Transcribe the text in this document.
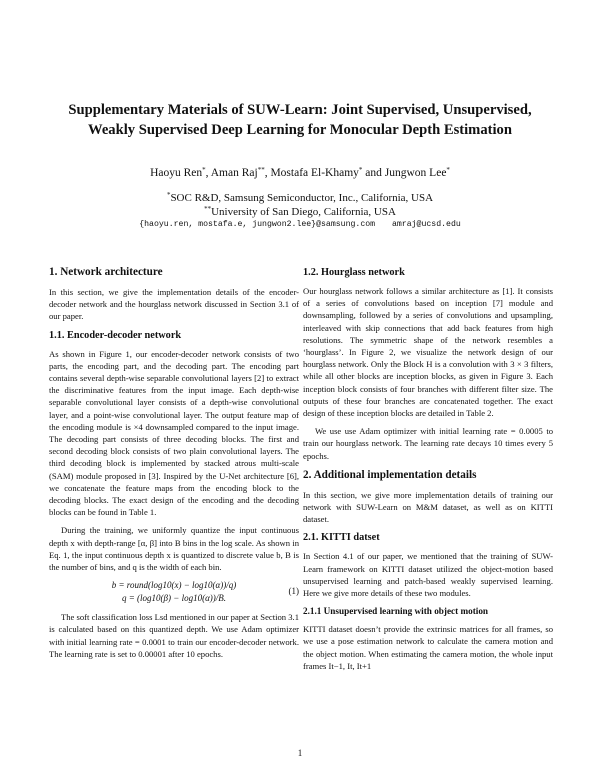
Supplementary Materials of SUW-Learn: Joint Supervised, Unsupervised,
Weakly Supervised Deep Learning for Monocular Depth Estimation
Haoyu Ren*, Aman Raj**, Mostafa El-Khamy* and Jungwon Lee*
*SOC R&D, Samsung Semiconductor, Inc., California, USA
**University of San Diego, California, USA
{haoyu.ren, mostafa.e, jungwon2.lee}@samsung.com amraj@ucsd.edu
1. Network architecture

In this section, we give the implementation details of the encoder-decoder network and the hourglass network discussed in Section 3.1 of our paper.

1.1. Encoder-decoder network

As shown in Figure 1, our encoder-decoder network consists of two parts, the encoding part, and the decoding part. The encoding part contains several depth-wise separable convolutional layers [2] to extract the discriminative features from the input image. Each depth-wise separable convolutional layer consists of a depth-wise convolutional layer, and a point-wise convolutional layer. The output feature map of the encoding module is ×4 downsampled compared to the input image. The decoding part consists of three decoding blocks. The first and second decoding block consists of two plain convolutional layers. The third decoding block is implemented by stacked atrous multi-scale (SAM) module proposed in [3]. Inspired by the U-Net architecture [6], we concatenate the feature maps from the encoding block to the decoding blocks. The exact design of the encoding and the decoding blocks can be found in Table 1.

During the training, we uniformly quantize the input continuous depth x with depth-range [α, β] into B bins in the log scale. As shown in Eq. 1, the input continuous depth x is quantized to discrete value b, B is the number of bins, and q is the width of each bin.

b = round(log10(x) − log10(α))/q)
q = (log10(β) − log10(α))/B.
(1)

The soft classification loss Lsd mentioned in our paper at Section 3.1 is calculated based on this quantized depth. We use Adam optimizer with initial learning rate = 0.0001 to train our encoder-decoder network. The learning rate is set to 0.00001 after 10 epochs.

1.2. Hourglass network

Our hourglass network follows a similar architecture as [1]. It consists of a series of convolutions based on inception [7] module and downsampling, followed by a series of convolutions and upsampling, interleaved with skip connections that add back features from high resolutions. The symmetric shape of the network resembles a ‘hourglass’. In Figure 2, we visualize the network design of our hourglass network. Only the Block H is a convolution with 3 × 3 filters, while all other blocks are inception blocks, as given in Figure 3. Each inception block consists of four branches with different filter size. The outputs of these four branches are concatenated together. The exact design of these inception blocks are detailed in Table 2.

We use use Adam optimizer with initial learning rate = 0.0005 to train our hourglass network. The learning rate decays 10 times every 5 epochs.

2. Additional implementation details

In this section, we give more implementation details of training our network with SUW-Learn on M&M dataset, as well as on KITTI dataset.

2.1. KITTI datset

In Section 4.1 of our paper, we mentioned that the training of SUW-Learn framework on KITTI dataset utilized the object-motion based unsupervised learning and patch-based weakly supervised learning. Here we give more details of these two modules.

2.1.1 Unsupervised learning with object motion

KITTI dataset doesn’t provide the extrinsic matrices for all frames, so we use a pose estimation network to calculate the camera motion and the object motion. When estimating the camera motion, the whole input frames It−1, It, It+1

1
